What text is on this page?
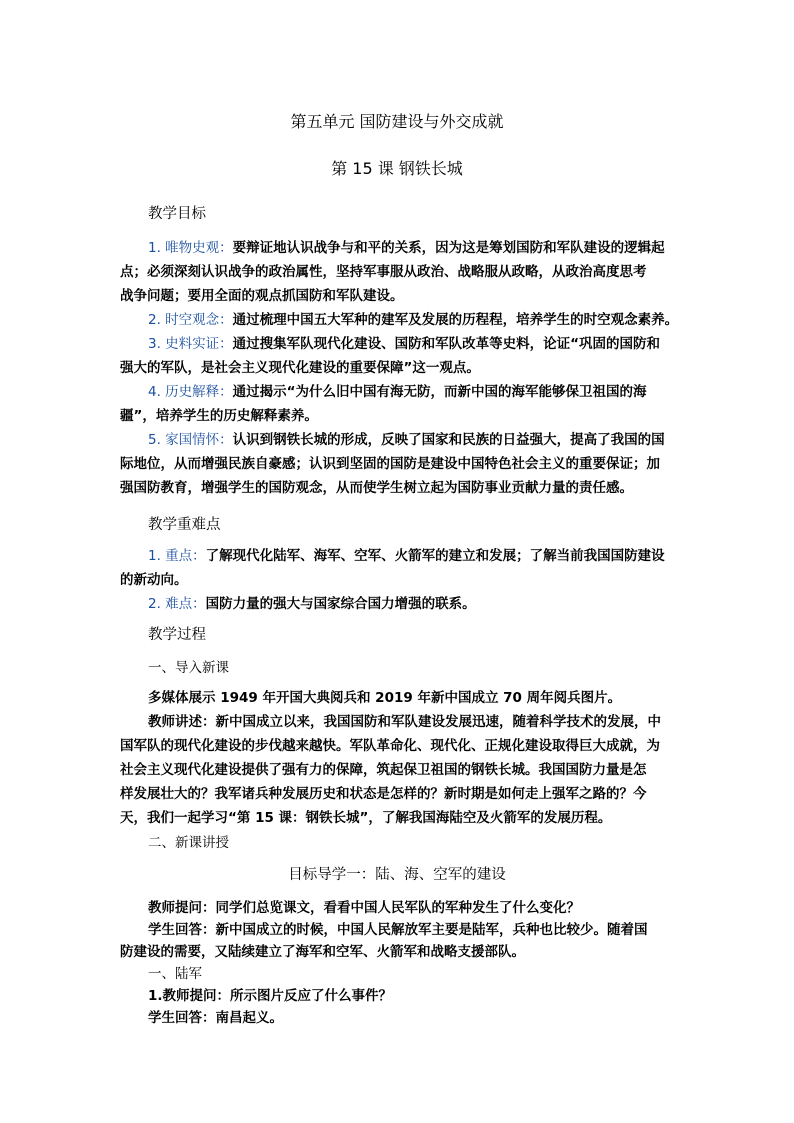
第五单元 国防建设与外交成就
第 15 课 钢铁长城
教学目标
1. 唯物史观：要辩证地认识战争与和平的关系，因为这是筹划国防和军队建设的逻辑起
点；必须深刻认识战争的政治属性，坚持军事服从政治、战略服从政略，从政治高度思考
战争问题；要用全面的观点抓国防和军队建设。
2. 时空观念：通过梳理中国五大军种的建军及发展的历程程，培养学生的时空观念素养。
3. 史料实证：通过搜集军队现代化建设、国防和军队改革等史料，论证“巩固的国防和
强大的军队，是社会主义现代化建设的重要保障”这一观点。
4. 历史解释：通过揭示“为什么旧中国有海无防，而新中国的海军能够保卫祖国的海
疆”，培养学生的历史解释素养。
5. 家国情怀：认识到钢铁长城的形成，反映了国家和民族的日益强大，提高了我国的国
际地位，从而增强民族自豪感；认识到坚固的国防是建设中国特色社会主义的重要保证；加
强国防教育，增强学生的国防观念，从而使学生树立起为国防事业贡献力量的责任感。
教学重难点
1. 重点：了解现代化陆军、海军、空军、火箭军的建立和发展；了解当前我国国防建设
的新动向。
2. 难点：国防力量的强大与国家综合国力增强的联系。
教学过程
一、导入新课
多媒体展示 1949 年开国大典阅兵和 2019 年新中国成立 70 周年阅兵图片。
教师讲述：新中国成立以来，我国国防和军队建设发展迅速，随着科学技术的发展，中
国军队的现代化建设的步伐越来越快。军队革命化、现代化、正规化建设取得巨大成就，为
社会主义现代化建设提供了强有力的保障，筑起保卫祖国的钢铁长城。我国国防力量是怎
样发展壮大的？我军诸兵种发展历史和状态是怎样的？新时期是如何走上强军之路的？今
天，我们一起学习“第 15 课：钢铁长城”，了解我国海陆空及火箭军的发展历程。
二、新课讲授
目标导学一：陆、海、空军的建设
教师提问：同学们总览课文，看看中国人民军队的军种发生了什么变化？
学生回答：新中国成立的时候，中国人民解放军主要是陆军，兵种也比较少。随着国
防建设的需要，又陆续建立了海军和空军、火箭军和战略支援部队。
一、陆军
1.教师提问：所示图片反应了什么事件？
学生回答：南昌起义。
